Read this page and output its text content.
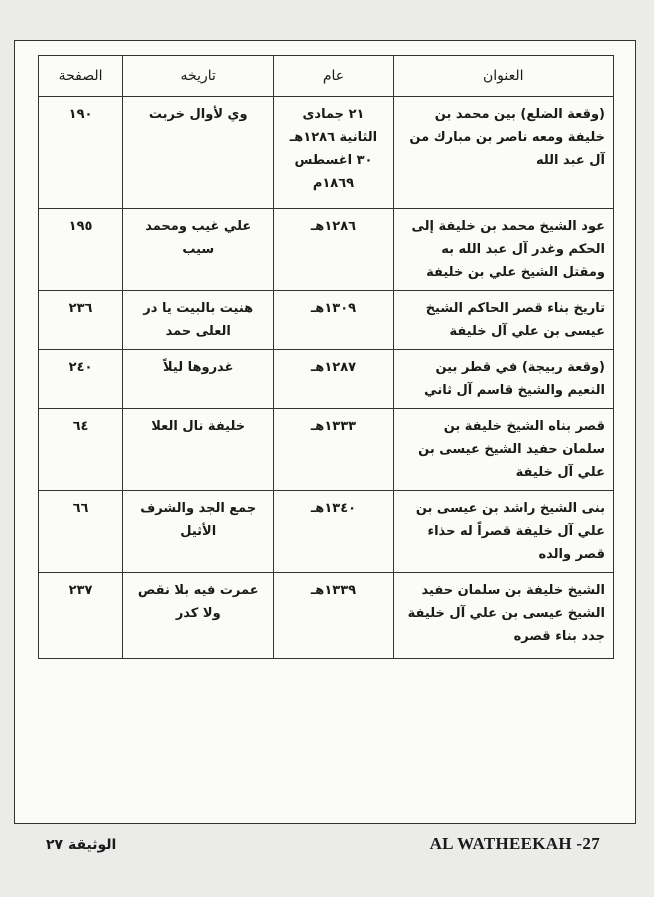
العنوان	عام	تاريخه	الصفحة
(وقعة الضلع) بين محمد بن خليفة ومعه ناصر بن مبارك من آل عبد الله	٢١ جمادى الثانية ١٢٨٦هـ ٣٠ اغسطس ١٨٦٩م	وي لأوال خربت	١٩٠
عود الشيخ محمد بن خليفة إلى الحكم وغدر آل عبد الله به ومقتل الشيخ علي بن خليفة	١٢٨٦هـ	علي غيب ومحمد سيب	١٩٥
تاريخ بناء قصر الحاكم الشيخ عيسى بن علي آل خليفة	١٣٠٩هـ	هنيت بالبيت يا در العلى حمد	٢٣٦
(وقعة ربيجة) في قطر بين النعيم والشيخ قاسم آل ثاني	١٢٨٧هـ	غدروها ليلاً	٢٤٠
قصر بناه الشيخ خليفة بن سلمان حفيد الشيخ عيسى بن علي آل خليفة	١٣٣٣هـ	خليفة نال العلا	٦٤
بنى الشيخ راشد بن عيسى بن علي آل خليفة قصراً له حذاء قصر والده	١٣٤٠هـ	جمع الجد والشرف الأثيل	٦٦
الشيخ خليفة بن سلمان حفيد الشيخ عيسى بن علي آل خليفة جدد بناء قصره	١٣٣٩هـ	عمرت فيه بلا نقص ولا كدر	٢٣٧
الوثيقة ٢٧	AL WATHEEKAH -27
